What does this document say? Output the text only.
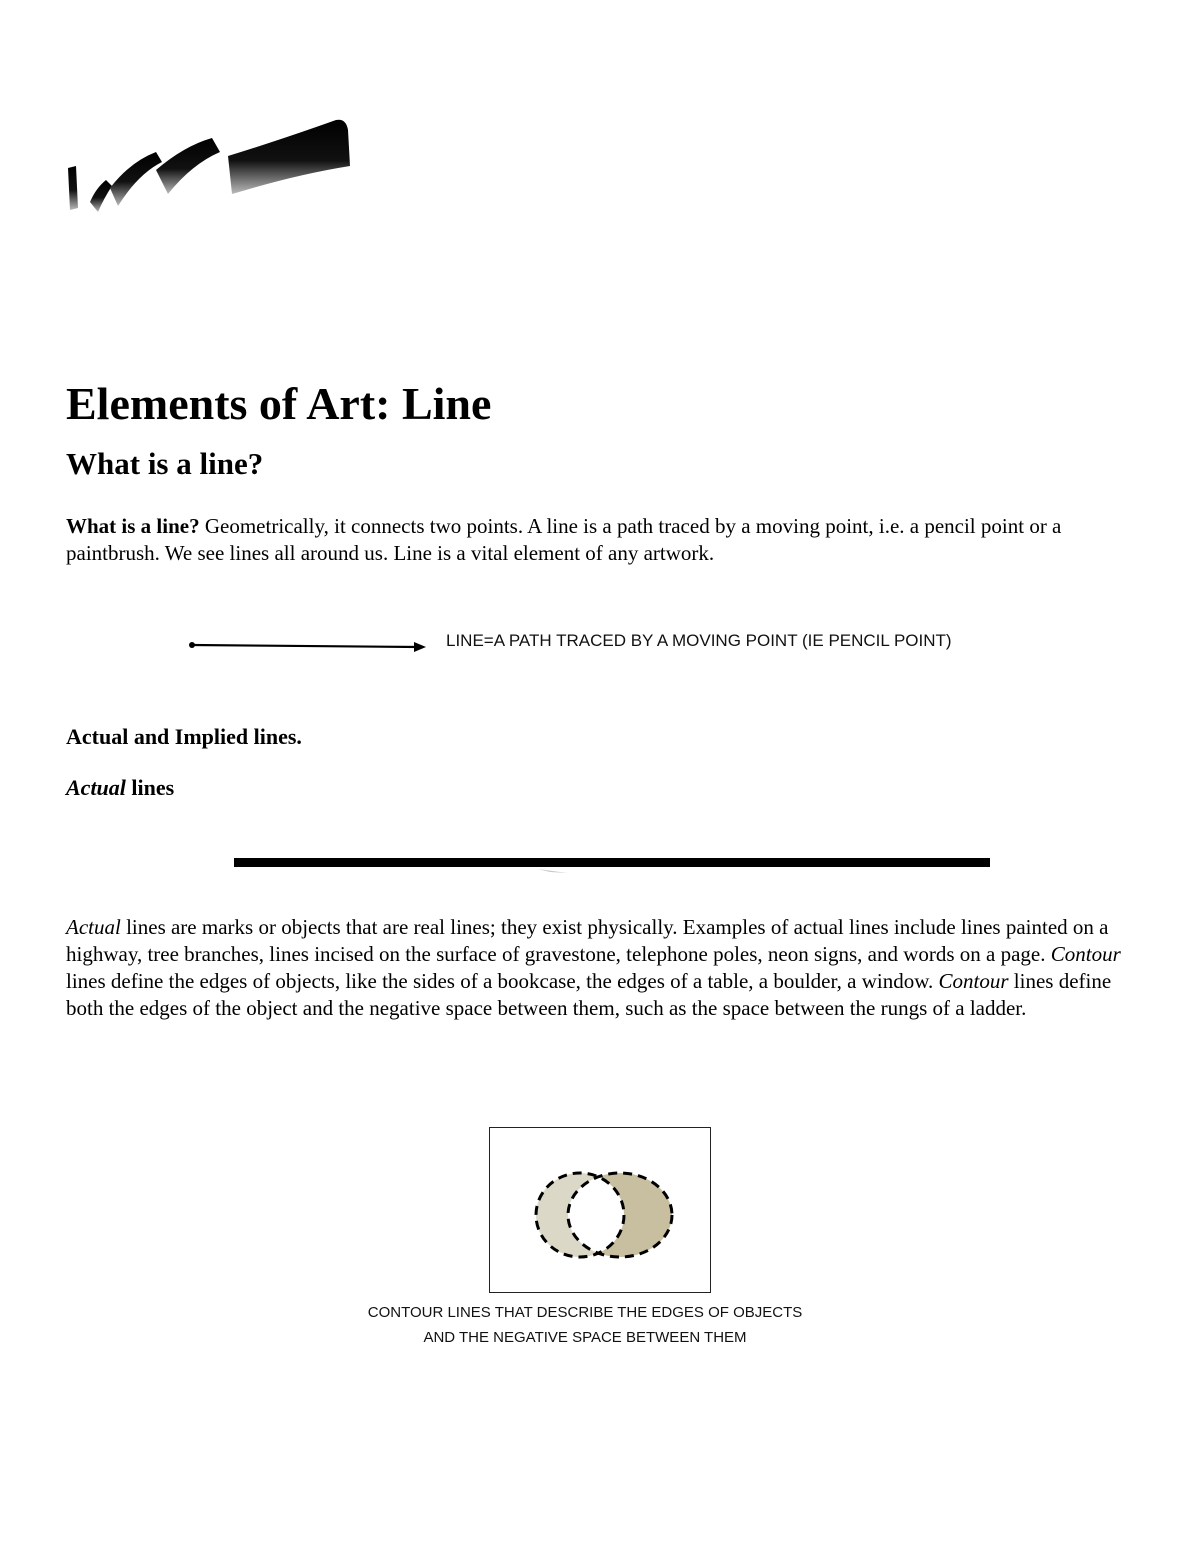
Elements of Art: Line
What is a line?

What is a line? Geometrically, it connects two points. A line is a path traced by a moving point, i.e. a pencil point or a paintbrush. We see lines all around us. Line is a vital element of any artwork.

LINE=A PATH TRACED BY A MOVING POINT (IE PENCIL POINT)
Actual and Implied lines.
Actual lines

Actual lines are marks or objects that are real lines; they exist physically. Examples of actual lines include lines painted on a highway, tree branches, lines incised on the surface of gravestone, telephone poles, neon signs, and words on a page. Contour lines define the edges of objects, like the sides of a bookcase, the edges of a table, a boulder, a window. Contour lines define both the edges of the object and the negative space between them, such as the space between the rungs of a ladder.

CONTOUR LINES THAT DESCRIBE THE EDGES OF OBJECTS
AND THE NEGATIVE SPACE BETWEEN THEM
